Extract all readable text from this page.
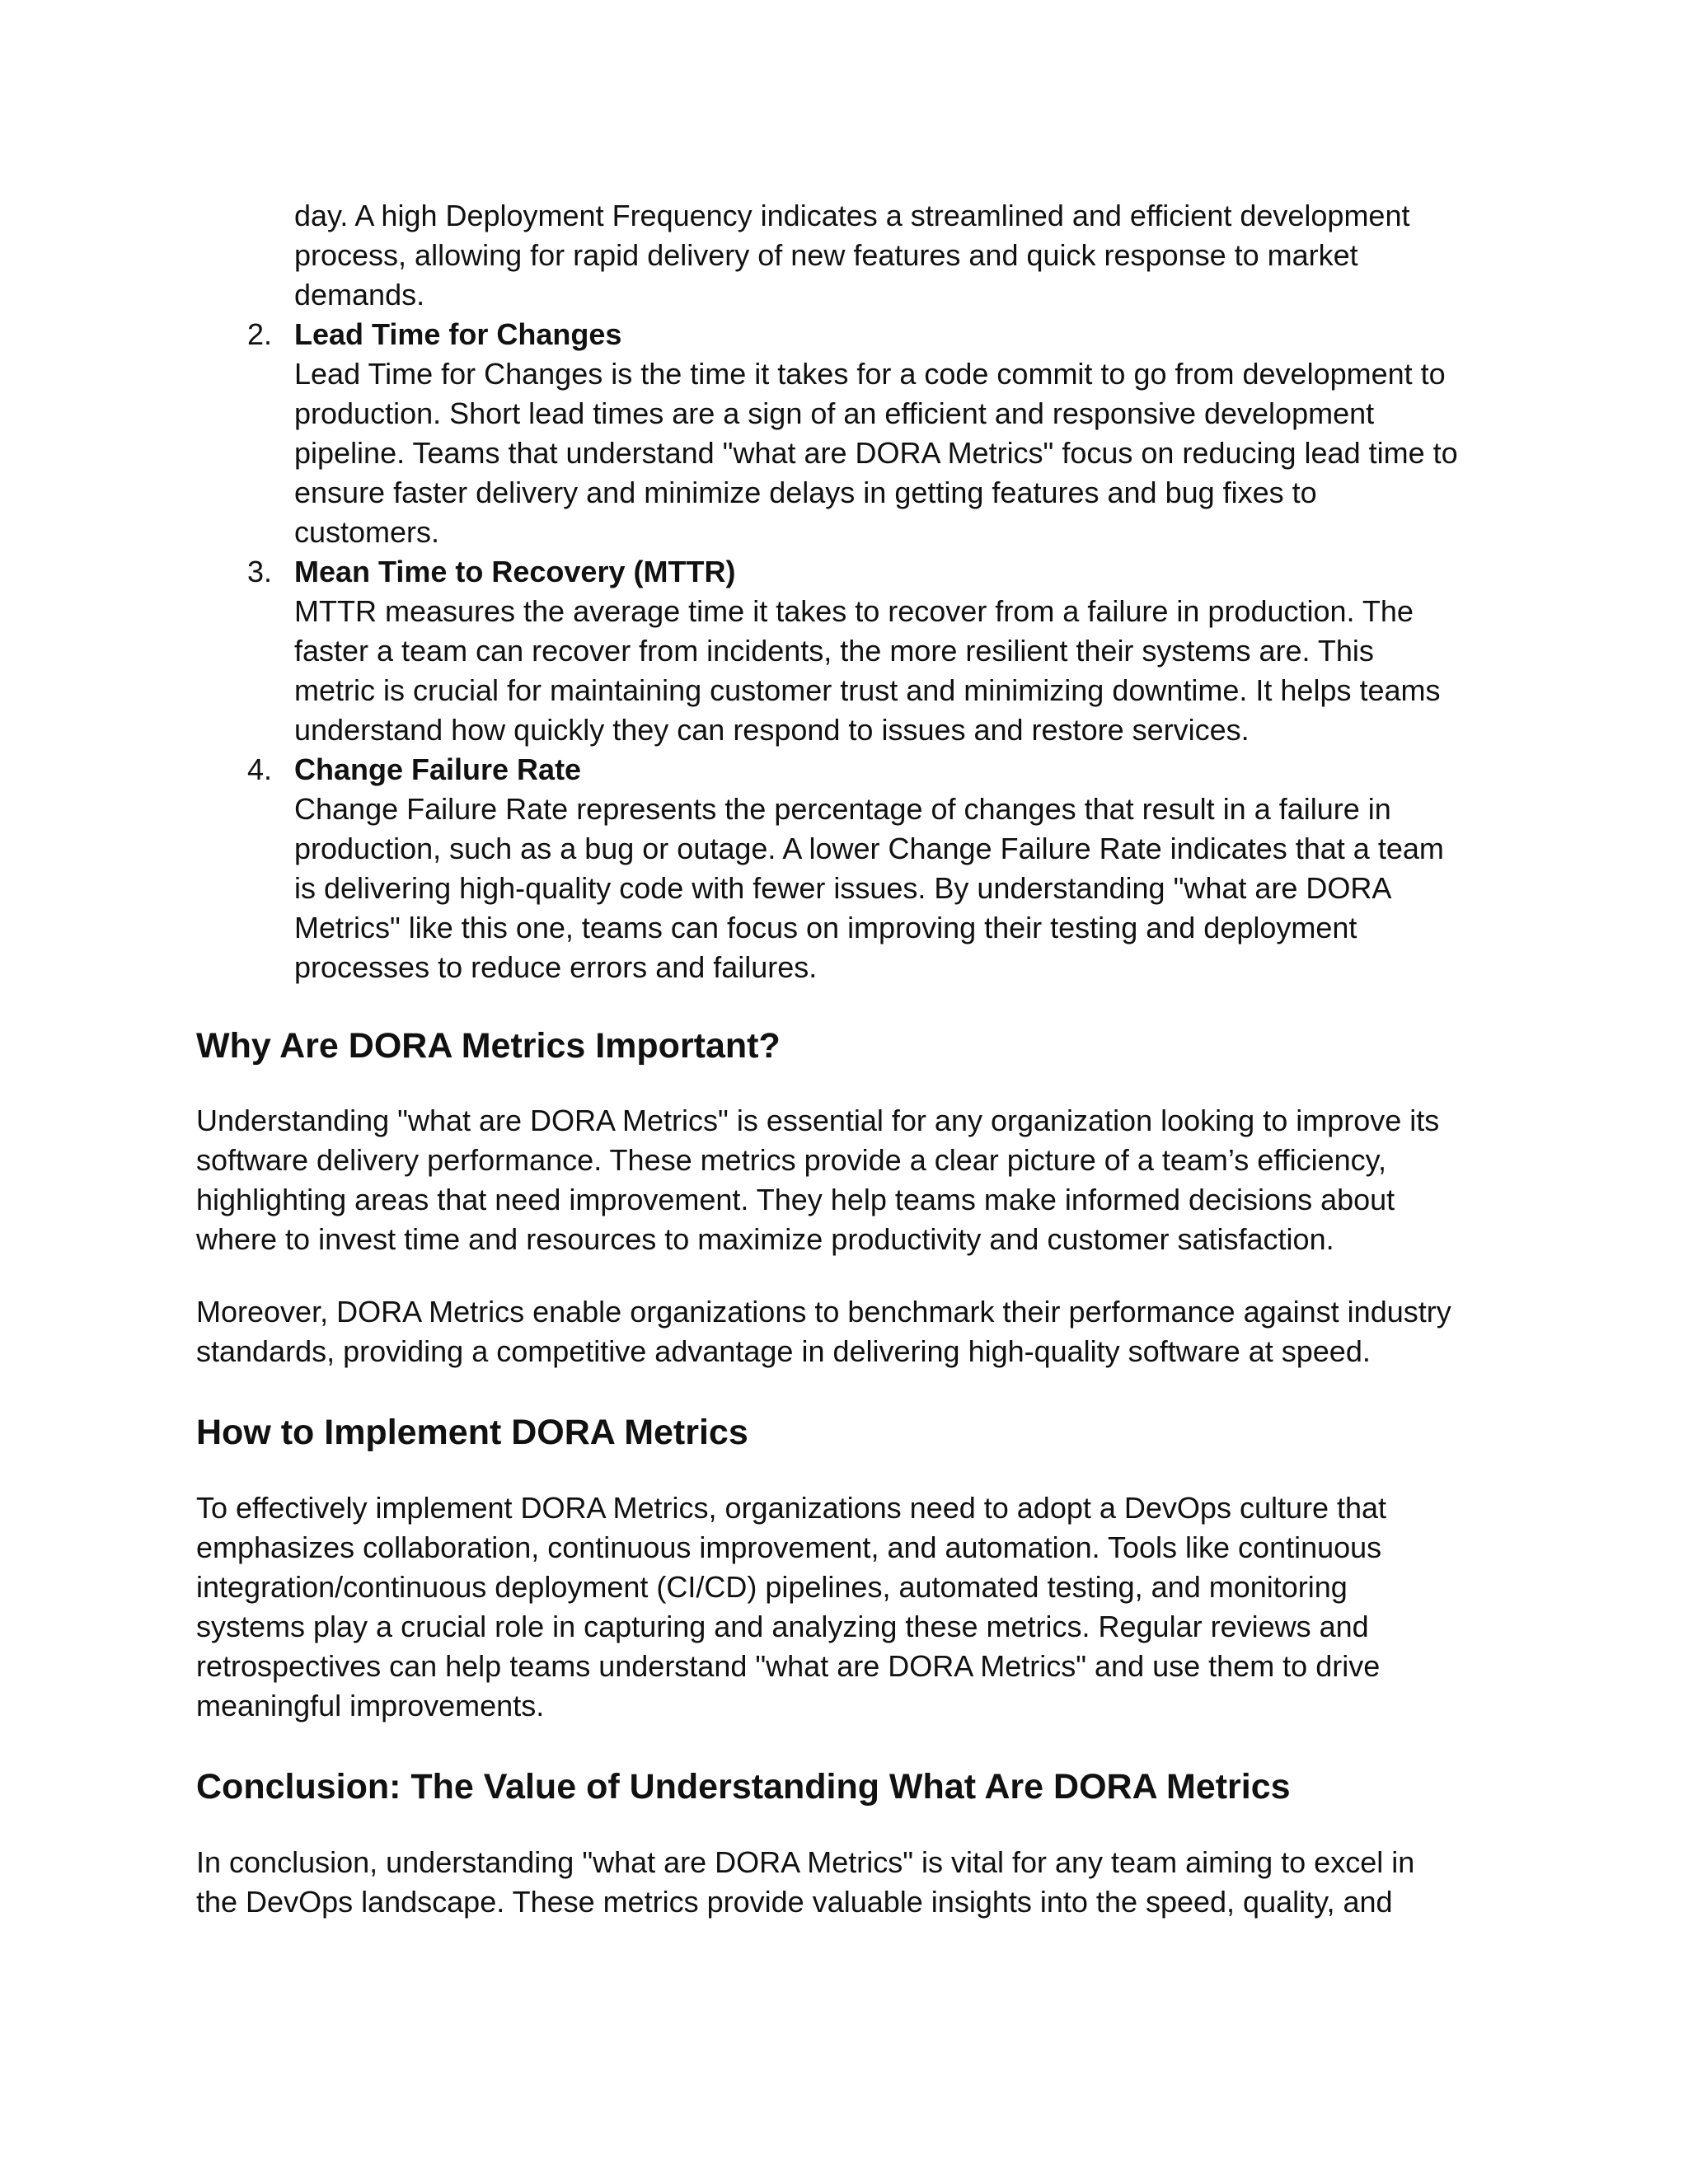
day. A high Deployment Frequency indicates a streamlined and efficient development

process, allowing for rapid delivery of new features and quick response to market

demands.

2. Lead Time for Changes

Lead Time for Changes is the time it takes for a code commit to go from development to

production. Short lead times are a sign of an efficient and responsive development

pipeline. Teams that understand "what are DORA Metrics" focus on reducing lead time to

ensure faster delivery and minimize delays in getting features and bug fixes to

customers.

3. Mean Time to Recovery (MTTR)

MTTR measures the average time it takes to recover from a failure in production. The

faster a team can recover from incidents, the more resilient their systems are. This

metric is crucial for maintaining customer trust and minimizing downtime. It helps teams

understand how quickly they can respond to issues and restore services.

4. Change Failure Rate

Change Failure Rate represents the percentage of changes that result in a failure in

production, such as a bug or outage. A lower Change Failure Rate indicates that a team

is delivering high-quality code with fewer issues. By understanding "what are DORA

Metrics" like this one, teams can focus on improving their testing and deployment

processes to reduce errors and failures.

Why Are DORA Metrics Important?

Understanding "what are DORA Metrics" is essential for any organization looking to improve its

software delivery performance. These metrics provide a clear picture of a team’s efficiency,

highlighting areas that need improvement. They help teams make informed decisions about

where to invest time and resources to maximize productivity and customer satisfaction.

Moreover, DORA Metrics enable organizations to benchmark their performance against industry

standards, providing a competitive advantage in delivering high-quality software at speed.

How to Implement DORA Metrics

To effectively implement DORA Metrics, organizations need to adopt a DevOps culture that

emphasizes collaboration, continuous improvement, and automation. Tools like continuous

integration/continuous deployment (CI/CD) pipelines, automated testing, and monitoring

systems play a crucial role in capturing and analyzing these metrics. Regular reviews and

retrospectives can help teams understand "what are DORA Metrics" and use them to drive

meaningful improvements.

Conclusion: The Value of Understanding What Are DORA Metrics

In conclusion, understanding "what are DORA Metrics" is vital for any team aiming to excel in

the DevOps landscape. These metrics provide valuable insights into the speed, quality, and
